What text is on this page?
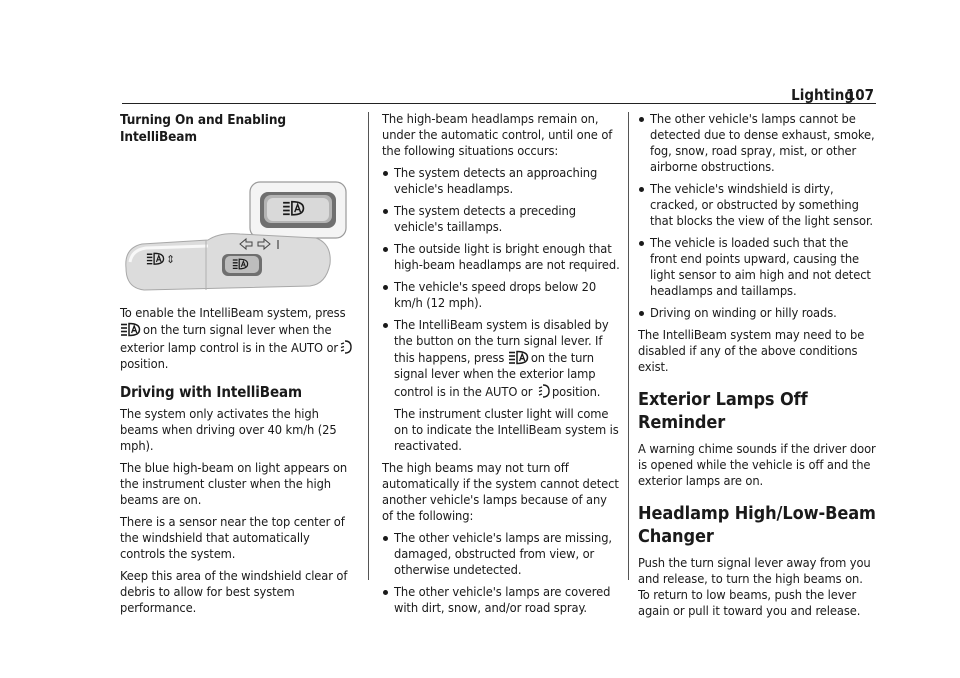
Lighting
107
Turning On and Enabling IntelliBeam
⇕

To enable the IntelliBeam system, press
on the turn signal lever when the
exterior lamp control is in the AUTO or
position.

Driving with IntelliBeam

The system only activates the high beams when driving over 40 km/h (25 mph).

The blue high-beam on light appears on the instrument cluster when the high beams are on.

There is a sensor near the top center of the windshield that automatically controls the system.

Keep this area of the windshield clear of debris to allow for best system performance.

The high-beam headlamps remain on, under the automatic control, until one of the following situations occurs:

The system detects an approaching vehicle's headlamps.
The system detects a preceding vehicle's taillamps.
The outside light is bright enough that high-beam headlamps are not required.
The vehicle's speed drops below 20 km/h (12 mph).
The IntelliBeam system is disabled by the button on the turn signal lever. If this happens, press on the turn signal lever when the exterior lamp control is in the AUTO or position.
The instrument cluster light will come on to indicate the IntelliBeam system is reactivated.

The high beams may not turn off automatically if the system cannot detect another vehicle's lamps because of any of the following:

The other vehicle's lamps are missing, damaged, obstructed from view, or otherwise undetected.
The other vehicle's lamps are covered with dirt, snow, and/or road spray.
The other vehicle's lamps cannot be detected due to dense exhaust, smoke, fog, snow, road spray, mist, or other airborne obstructions.
The vehicle's windshield is dirty, cracked, or obstructed by something that blocks the view of the light sensor.
The vehicle is loaded such that the front end points upward, causing the light sensor to aim high and not detect headlamps and taillamps.
Driving on winding or hilly roads.

The IntelliBeam system may need to be disabled if any of the above conditions exist.

Exterior Lamps Off Reminder

A warning chime sounds if the driver door is opened while the vehicle is off and the exterior lamps are on.

Headlamp High/Low-Beam Changer

Push the turn signal lever away from you and release, to turn the high beams on. To return to low beams, push the lever again or pull it toward you and release.
